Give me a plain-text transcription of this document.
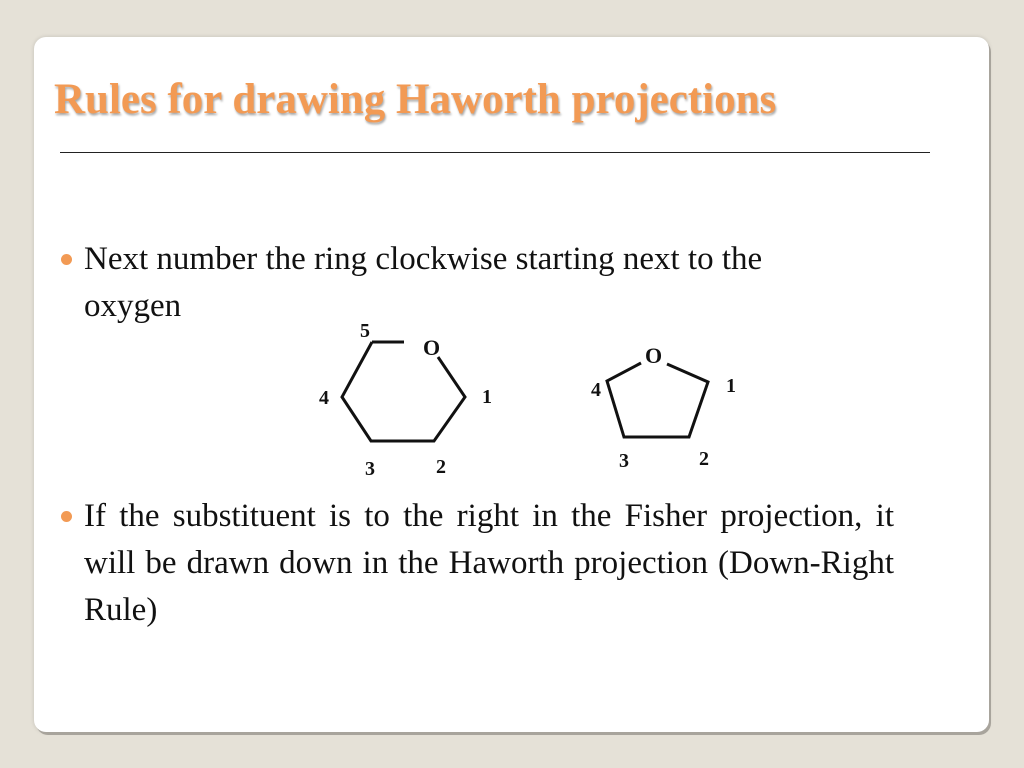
Rules for drawing Haworth projections
Next number the ring clockwise starting next to the oxygen
O
1
2
3
4
5
O
1
2
3
4
If the substituent is to the right in the Fisher projection, it will be drawn down in the Haworth projection (Down-Right Rule)
